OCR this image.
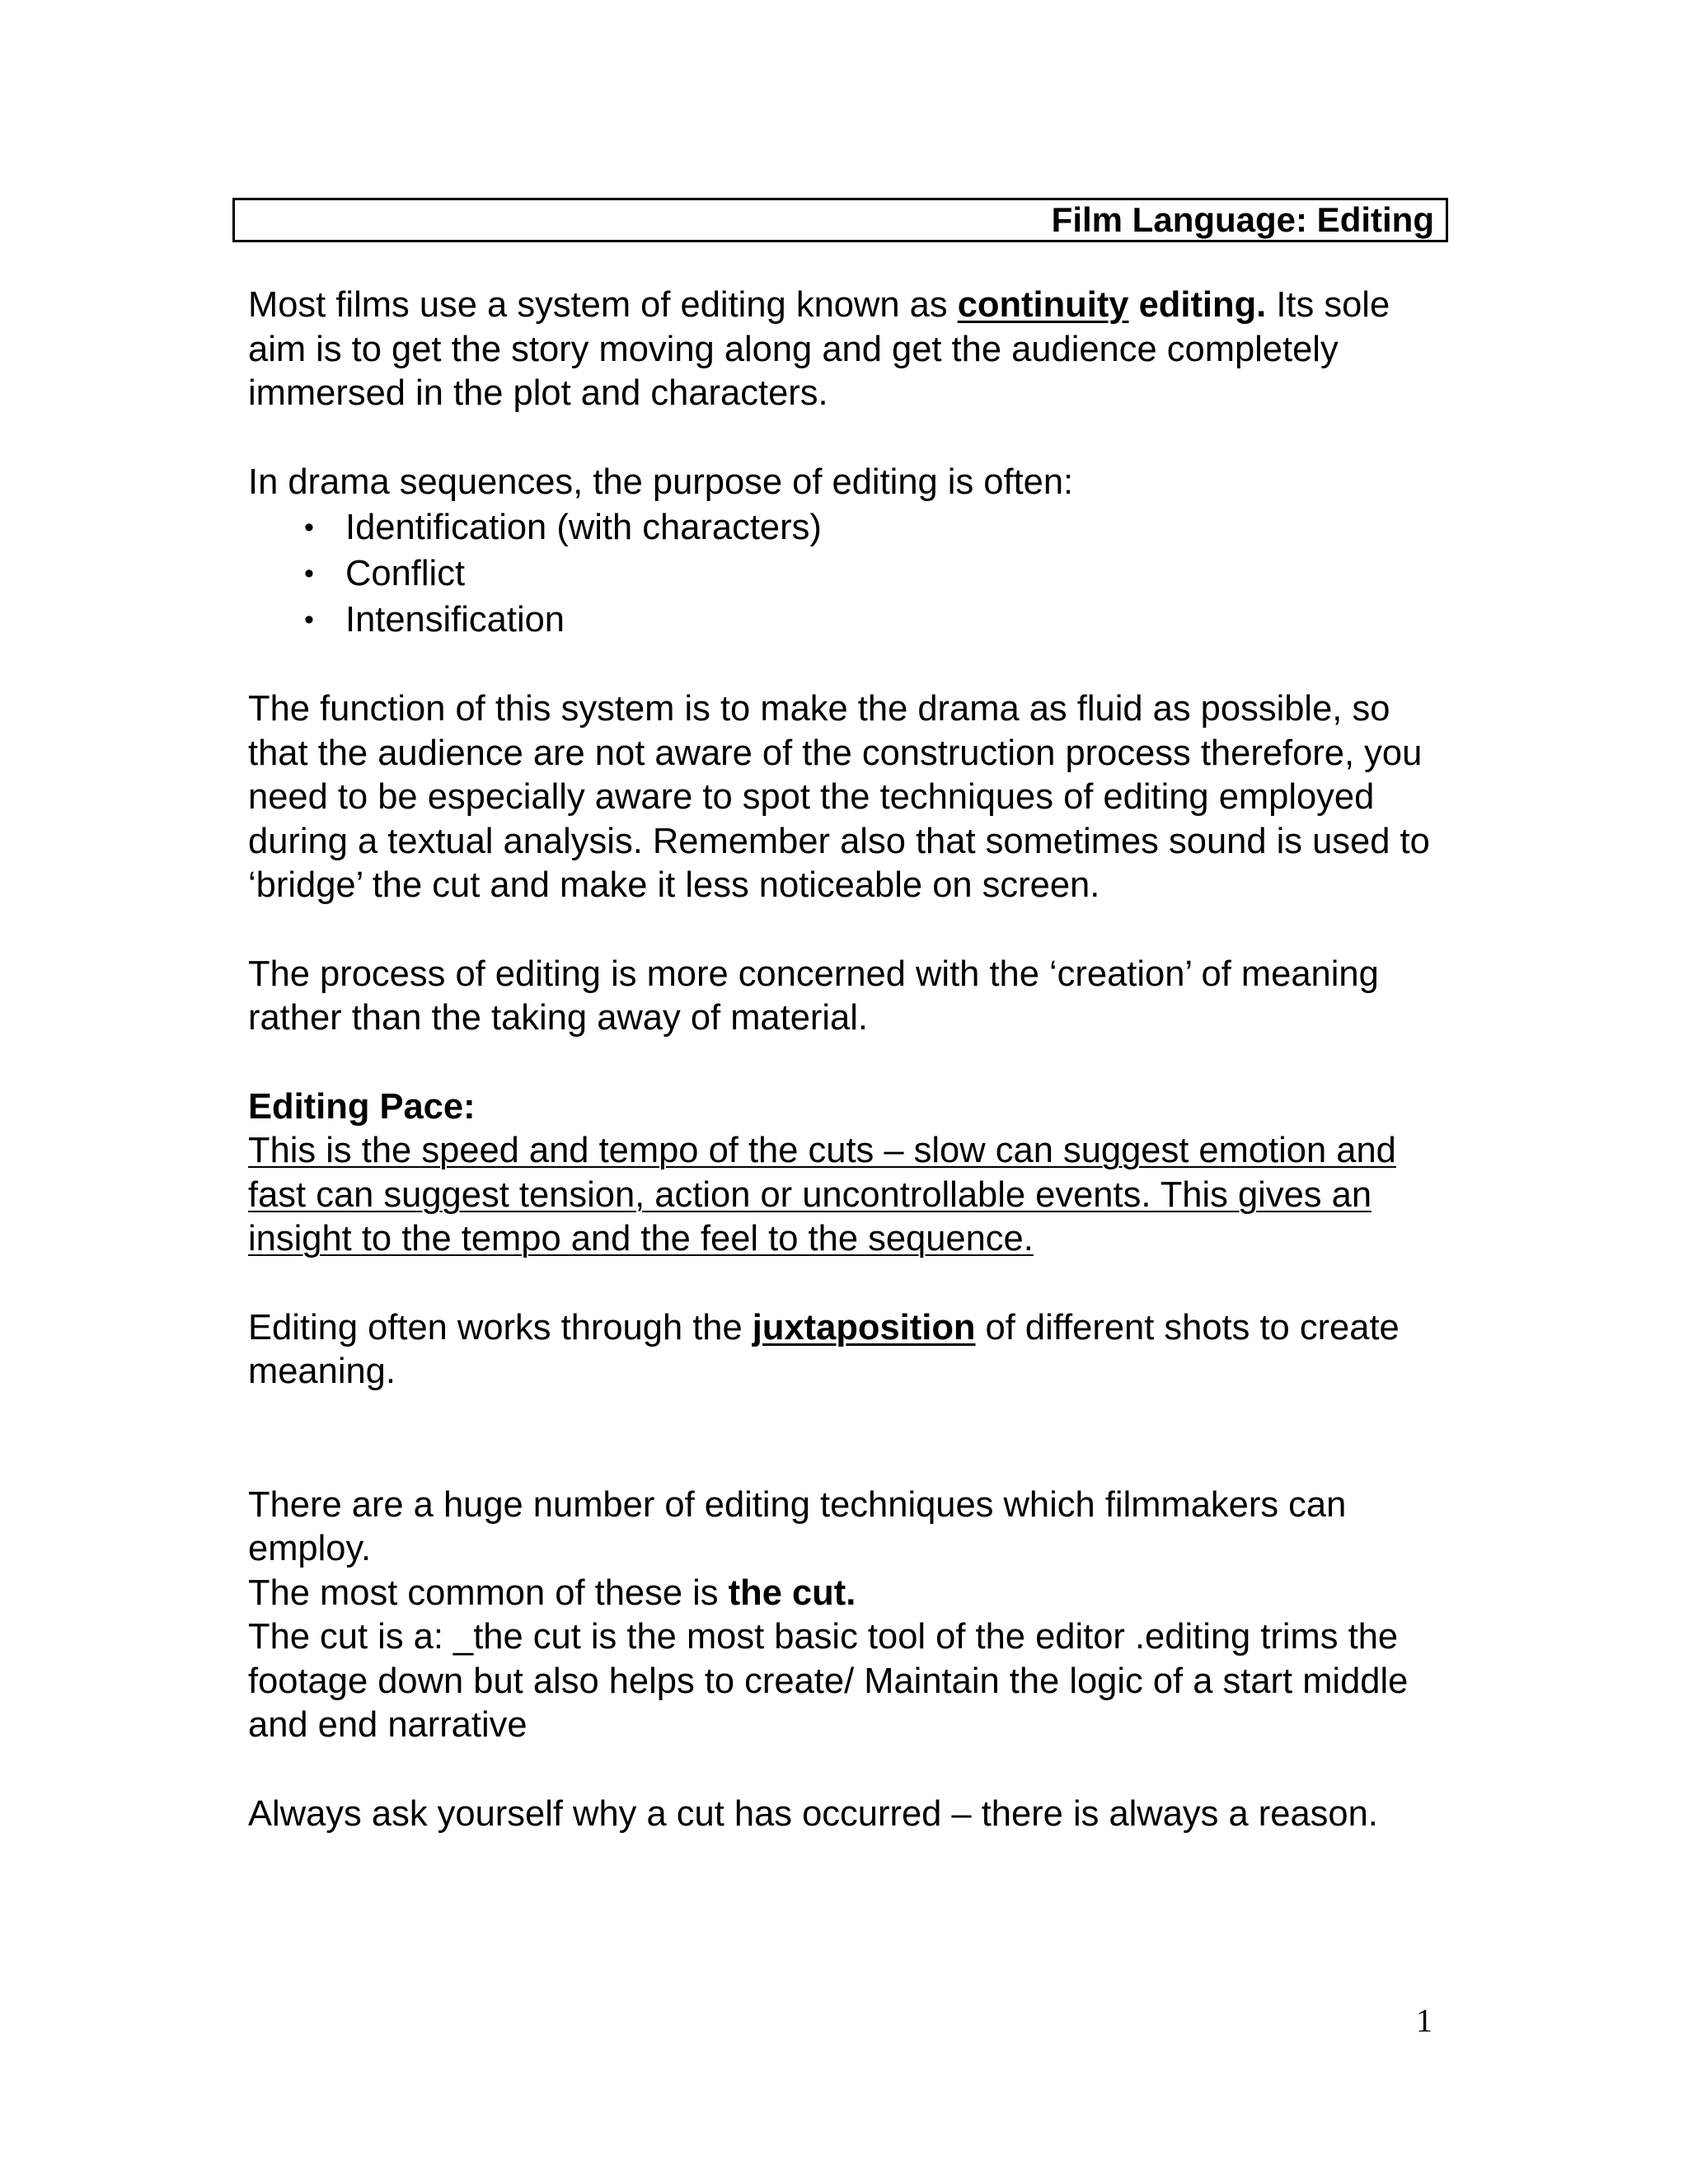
Film Language: Editing

Most films use a system of editing known as continuity editing. Its sole aim is to get the story moving along and get the audience completely immersed in the plot and characters.

In drama sequences, the purpose of editing is often:

• Identification (with characters)
• Conflict
• Intensification

The function of this system is to make the drama as fluid as possible, so that the audience are not aware of the construction process therefore, you need to be especially aware to spot the techniques of editing employed during a textual analysis. Remember also that sometimes sound is used to ‘bridge’ the cut and make it less noticeable on screen.

The process of editing is more concerned with the ‘creation’ of meaning rather than the taking away of material.

Editing Pace:

This is the speed and tempo of the cuts – slow can suggest emotion and fast can suggest tension, action or uncontrollable events. This gives an insight to the tempo and the feel to the sequence.

Editing often works through the juxtaposition of different shots to create meaning.

There are a huge number of editing techniques which filmmakers can employ.

The most common of these is the cut.

The cut is a: _the cut is the most basic tool of the editor .editing trims the footage down but also helps to create/ Maintain the logic of a start middle and end narrative

Always ask yourself why a cut has occurred – there is always a reason.

1
